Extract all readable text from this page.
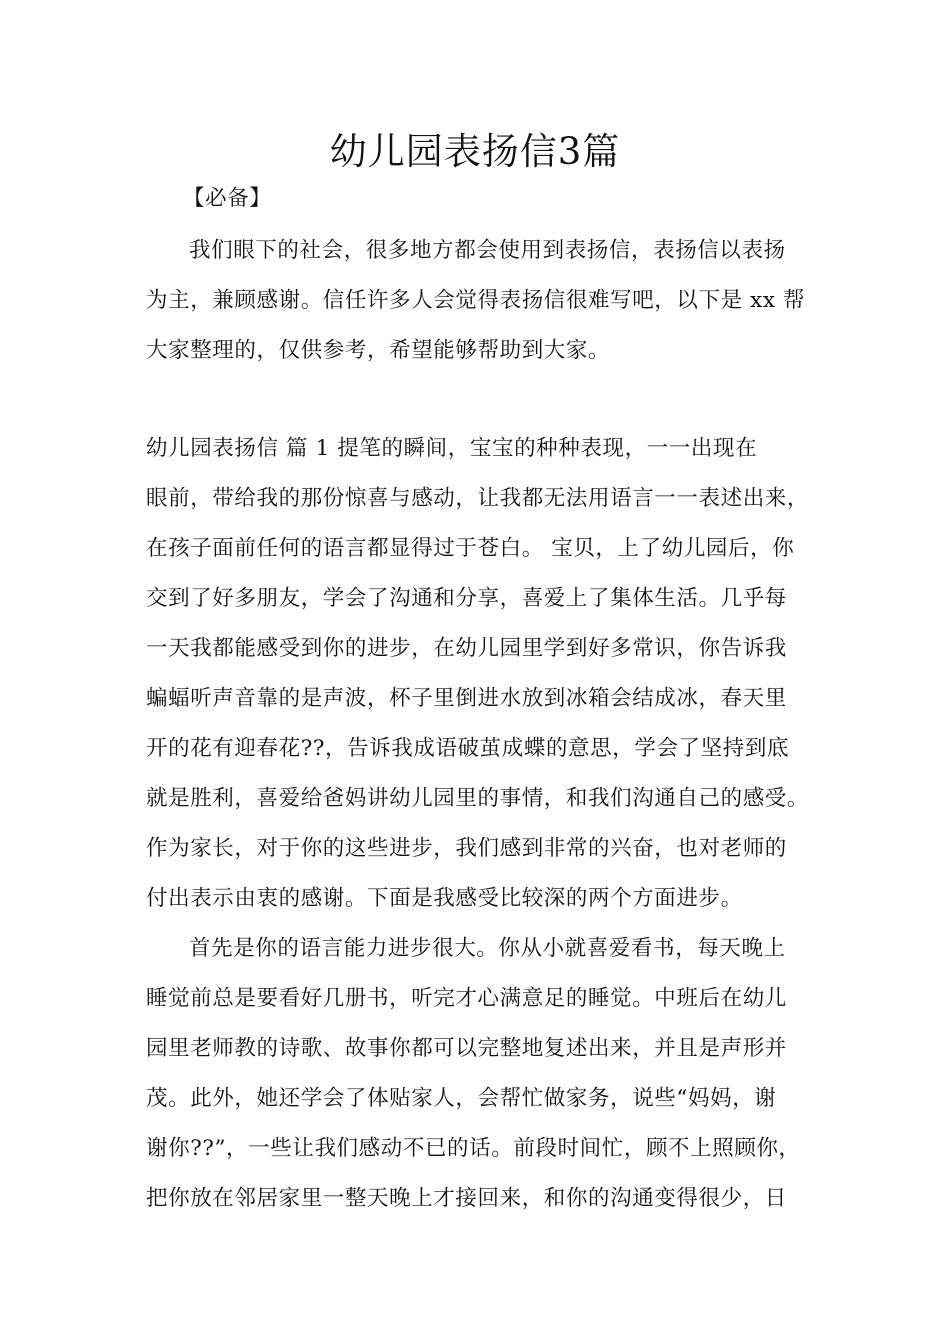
幼儿园表扬信3篇
【必备】
我们眼下的社会，很多地方都会使用到表扬信，表扬信以表扬
为主，兼顾感谢。信任许多人会觉得表扬信很难写吧，以下是 xx 帮
大家整理的，仅供参考，希望能够帮助到大家。
幼儿园表扬信 篇 1 提笔的瞬间，宝宝的种种表现，一一出现在
眼前，带给我的那份惊喜与感动，让我都无法用语言一一表述出来，
在孩子面前任何的语言都显得过于苍白。 宝贝，上了幼儿园后，你
交到了好多朋友，学会了沟通和分享，喜爱上了集体生活。几乎每
一天我都能感受到你的进步，在幼儿园里学到好多常识，你告诉我
蝙蝠听声音靠的是声波，杯子里倒进水放到冰箱会结成冰，春天里
开的花有迎春花??，告诉我成语破茧成蝶的意思，学会了坚持到底
就是胜利，喜爱给爸妈讲幼儿园里的事情，和我们沟通自己的感受。
作为家长，对于你的这些进步，我们感到非常的兴奋，也对老师的
付出表示由衷的感谢。下面是我感受比较深的两个方面进步。
首先是你的语言能力进步很大。你从小就喜爱看书，每天晚上
睡觉前总是要看好几册书，听完才心满意足的睡觉。中班后在幼儿
园里老师教的诗歌、故事你都可以完整地复述出来，并且是声形并
茂。此外，她还学会了体贴家人，会帮忙做家务，说些“妈妈，谢
谢你??”，一些让我们感动不已的话。前段时间忙，顾不上照顾你，
把你放在邻居家里一整天晚上才接回来，和你的沟通变得很少，日
